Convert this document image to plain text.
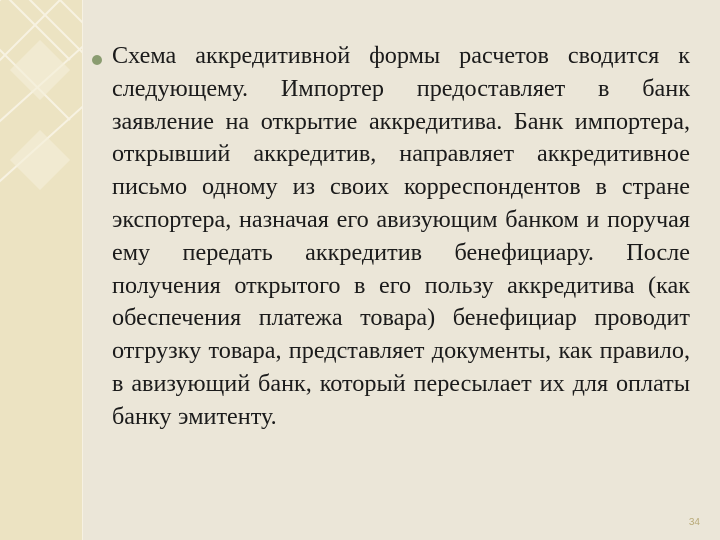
Схема аккредитивной формы расчетов сводится к следующему. Импортер предоставляет в банк заявление на открытие аккредитива. Банк импортера, открывший аккредитив, направляет аккредитивное письмо одному из своих корреспондентов в стране экспортера, назначая его авизующим банком и поручая ему передать аккредитив бенефициару. После получения открытого в его пользу аккредитива (как обеспечения платежа товара) бенефициар проводит отгрузку товара, представляет документы, как правило, в авизующий банк, который пересылает их для оплаты банку эмитенту.

34
